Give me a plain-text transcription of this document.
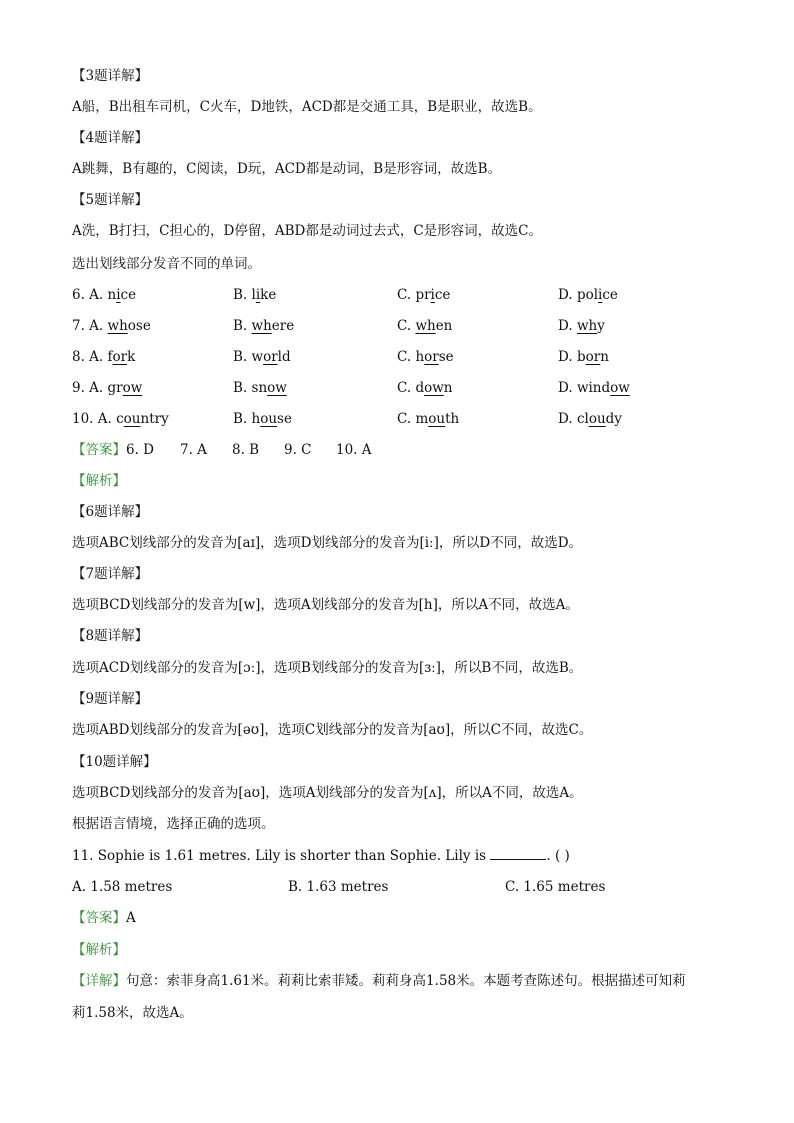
【3题详解】
A船，B出租车司机，C火车，D地铁，ACD都是交通工具，B是职业，故选B。
【4题详解】
A跳舞，B有趣的，C阅读，D玩，ACD都是动词，B是形容词，故选B。
【5题详解】
A洗，B打扫，C担心的，D停留，ABD都是动词过去式，C是形容词，故选C。
选出划线部分发音不同的单词。
6. A. nice	B. like	C. price	D. police
7. A. whose	B. where	C. when	D. why
8. A. fork	B. world	C. horse	D. born
9. A. grow	B. snow	C. down	D. window
10. A. country	B. house	C. mouth	D. cloudy
【答案】6. D 7. A 8. B 9. C 10. A
【解析】
【6题详解】
选项ABC划线部分的发音为[aɪ]，选项D划线部分的发音为[iː]，所以D不同，故选D。
【7题详解】
选项BCD划线部分的发音为[w]，选项A划线部分的发音为[h]，所以A不同，故选A。
【8题详解】
选项ACD划线部分的发音为[ɔː]，选项B划线部分的发音为[ɜː]，所以B不同，故选B。
【9题详解】
选项ABD划线部分的发音为[əʊ]，选项C划线部分的发音为[aʊ]，所以C不同，故选C。
【10题详解】
选项BCD划线部分的发音为[aʊ]，选项A划线部分的发音为[ʌ]，所以A不同，故选A。
根据语言情境，选择正确的选项。
11. Sophie is 1.61 metres. Lily is shorter than Sophie. Lily is	. ( )
A. 1.58 metres	B. 1.63 metres	C. 1.65 metres
【答案】A
【解析】
【详解】句意：索菲身高1.61米。莉莉比索菲矮。莉莉身高1.58米。本题考查陈述句。根据描述可知莉
莉1.58米，故选A。
